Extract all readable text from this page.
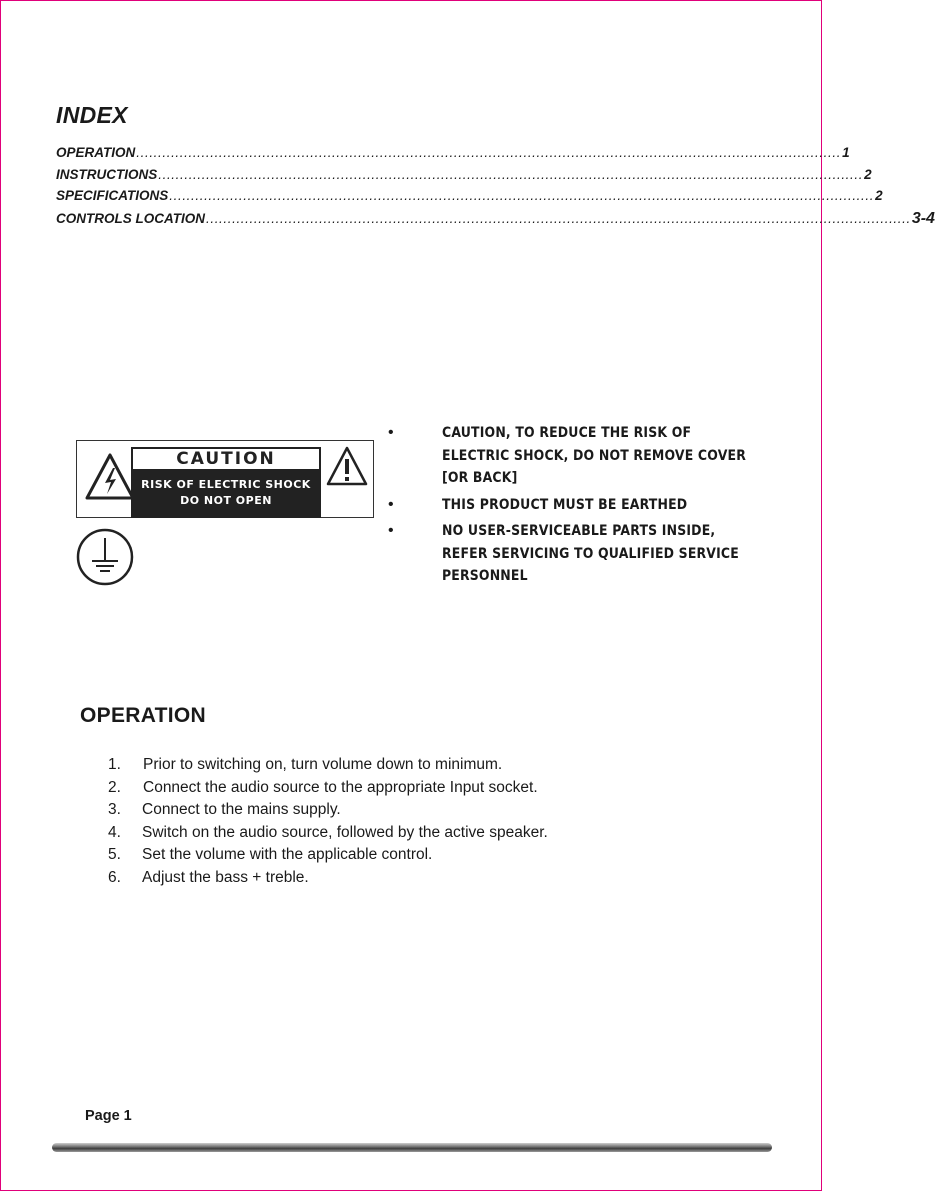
INDEX
OPERATION .................................................................................................................................................................. 1
INSTRUCTIONS .................................................................................................................................................................. 2
SPECIFICATIONS .................................................................................................................................................................. 2
CONTROLS LOCATION .................................................................................................................................................................. 3-4
CAUTION
RISK OF ELECTRIC SHOCK
DO NOT OPEN
•	CAUTION, TO REDUCE THE RISK OF ELECTRIC SHOCK, DO NOT REMOVE COVER [OR BACK]
•	THIS PRODUCT MUST BE EARTHED
•	NO USER-SERVICEABLE PARTS INSIDE, REFER SERVICING TO QUALIFIED SERVICE PERSONNEL
OPERATION
1. Prior to switching on, turn volume down to minimum.
2. Connect the audio source to the appropriate Input socket.
3. Connect to the mains supply.
4. Switch on the audio source, followed by the active speaker.
5. Set the volume with the applicable control.
6. Adjust the bass + treble.
Page 1
